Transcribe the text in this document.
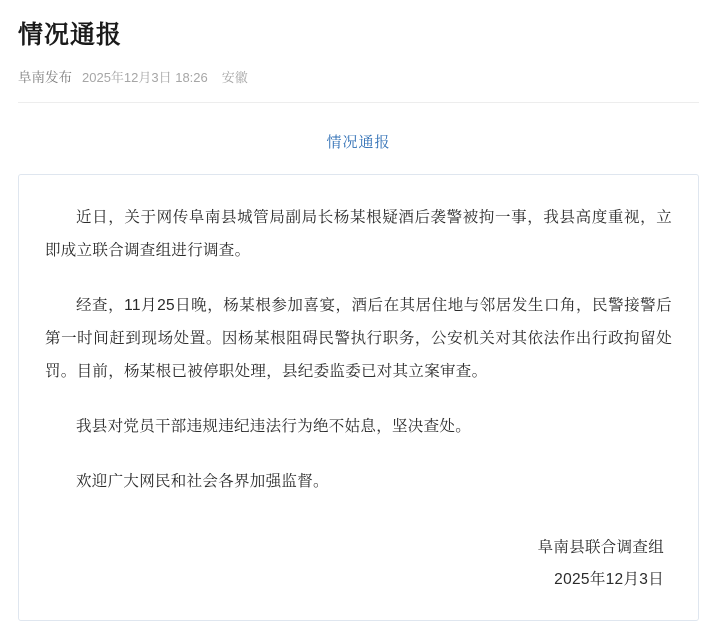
情况通报
阜南发布 2025年12月3日 18:26 安徽
情况通报

近日，关于网传阜南县城管局副局长杨某根疑酒后袭警被拘一事，我县高度重视，立即成立联合调查组进行调查。

经查，11月25日晚，杨某根参加喜宴，酒后在其居住地与邻居发生口角，民警接警后第一时间赶到现场处置。因杨某根阻碍民警执行职务，公安机关对其依法作出行政拘留处罚。目前，杨某根已被停职处理，县纪委监委已对其立案审查。

我县对党员干部违规违纪违法行为绝不姑息，坚决查处。

欢迎广大网民和社会各界加强监督。

阜南县联合调查组
2025年12月3日
